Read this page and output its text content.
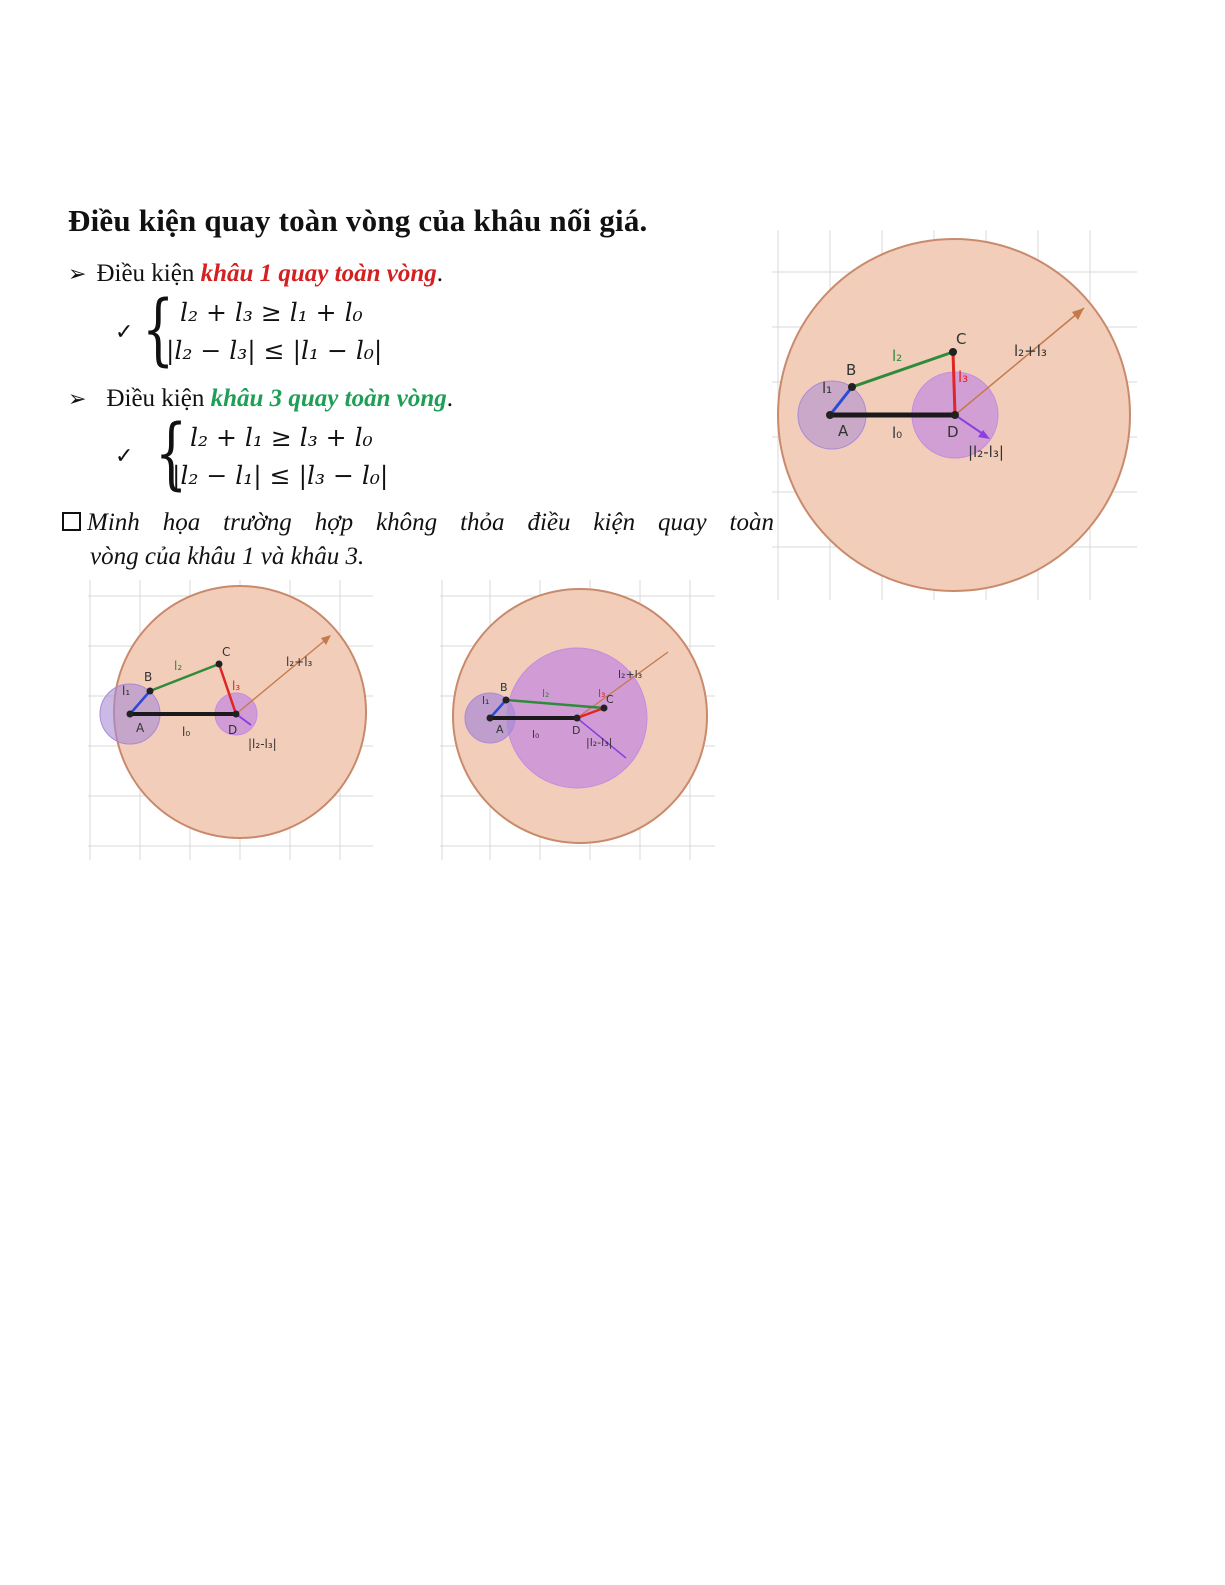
Điều kiện quay toàn vòng của khâu nối giá.
➢ Điều kiện khâu 1 quay toàn vòng.
✓ { l₂ + l₃ ≥ l₁ + l₀
|l₂ − l₃| ≤ |l₁ − l₀|
➢ Điều kiện khâu 3 quay toàn vòng.
✓ { l₂ + l₁ ≥ l₃ + l₀
|l₂ − l₁| ≤ |l₃ − l₀|
Minh họa trường hợp không thỏa điều kiện quay toàn
vòng của khâu 1 và khâu 3.
A
B
C
D
l₀
l₁
l₂
l₃
l₂+l₃
|l₂-l₃|
A
B
C
D
l₀
l₁
l₂
l₃
l₂+l₃
|l₂-l₃|
A
B
C
D
l₀
l₁
l₂	l₃
l₂+l₃
|l₂-l₃|
